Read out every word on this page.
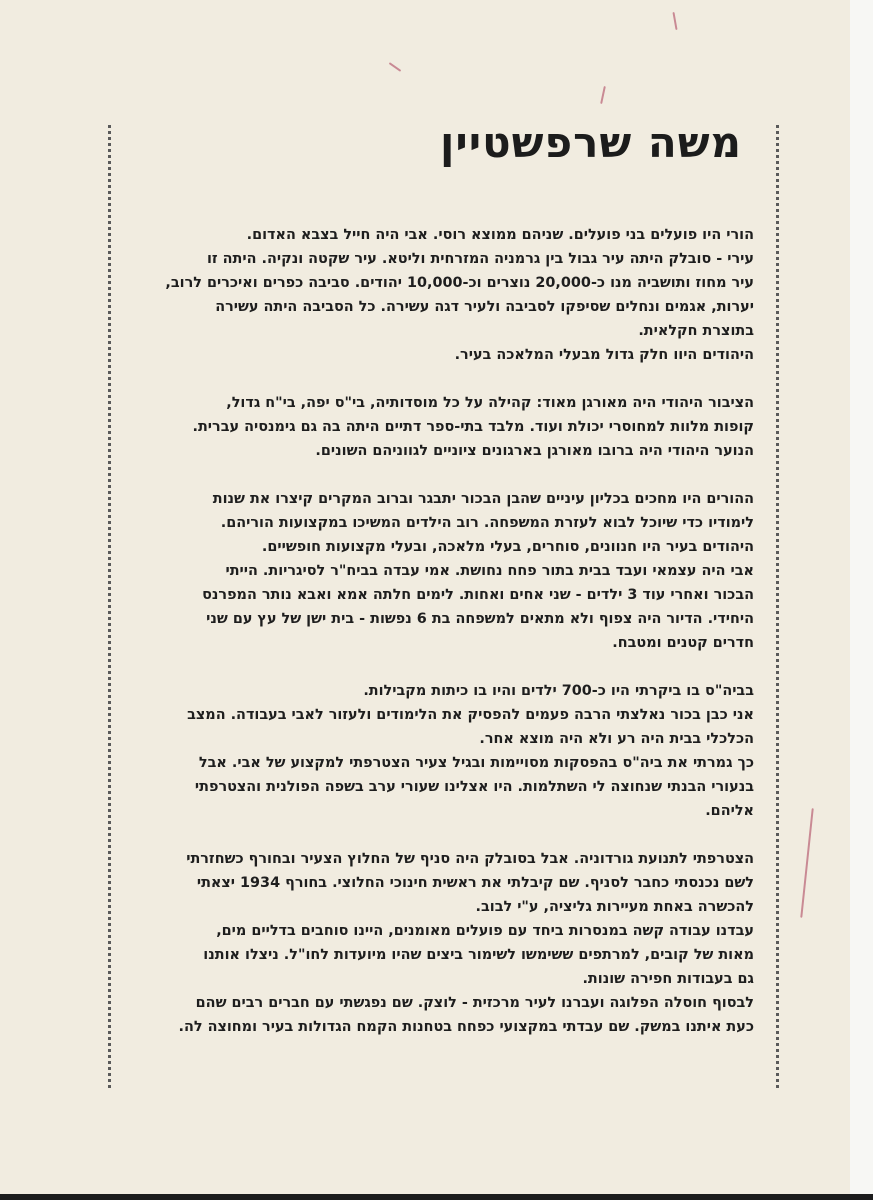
משה שרפשטיין

הורי היו פועלים בני פועלים. שניהם ממוצא רוסי. אבי היה חייל בצבא האדום.
עירי - סובלק היתה עיר גבול בין גרמניה המזרחית וליטא. עיר שקטה ונקיה. היתה זו
עיר מחוז ותושביה מנו כ-20,000 נוצרים וכ-10,000 יהודים. סביבה כפרים ואיכרים לרוב,
יערות, אגמים ונחלים שסיפקו לסביבה ולעיר דגה עשירה. כל הסביבה היתה עשירה
בתוצרת חקלאית.
היהודים היוו חלק גדול מבעלי המלאכה בעיר.

הציבור היהודי היה מאורגן מאוד: קהילה על כל מוסדותיה, בי"ס יפה, בי"ח גדול,
קופות מלוות למחוסרי יכולת ועוד. מלבד בתי-ספר דתיים היתה בה גם גימנסיה עברית.
הנוער היהודי היה ברובו מאורגן בארגונים ציוניים לגווניהם השונים.

ההורים היו מחכים בכליון עיניים שהבן הבכור יתבגר וברוב המקרים קיצרו את שנות
לימודיו כדי שיוכל לבוא לעזרת המשפחה. רוב הילדים המשיכו במקצועות הוריהם.
היהודים בעיר היו חנוונים, סוחרים, בעלי מלאכה, ובעלי מקצועות חופשיים.
אבי היה עצמאי ועבד בבית בתור פחח נחושת. אמי עבדה בביח"ר לסיגריות. הייתי
הבכור ואחרי עוד 3 ילדים - שני אחים ואחות. לימים חלתה אמא ואבא נותר המפרנס
היחידי. הדיור היה צפוף ולא מתאים למשפחה בת 6 נפשות - בית ישן של עץ עם שני
חדרים קטנים ומטבח.

בביה"ס בו ביקרתי היו כ-700 ילדים והיו בו כיתות מקבילות.
אני כבן בכור נאלצתי הרבה פעמים להפסיק את הלימודים ולעזור לאבי בעבודה. המצב
הכלכלי בבית היה רע ולא היה מוצא אחר.
כך גמרתי את ביה"ס בהפסקות מסויימות ובגיל צעיר הצטרפתי למקצוע של אבי. אבל
בנעורי הבנתי שנחוצה לי השתלמות. היו אצלינו שעורי ערב בשפה הפולנית והצטרפתי
אליהם.

הצטרפתי לתנועת גורדוניה. אבל בסובלק היה סניף של החלוץ הצעיר ובחורף כשחזרתי
לשם נכנסתי כחבר לסניף. שם קיבלתי את ראשית חינוכי החלוצי. בחורף 1934 יצאתי
להכשרה באחת מעיירות גליציה, ע"י לבוב.
עבדנו עבודה קשה במנסרות ביחד עם פועלים מאומנים, היינו סוחבים בדליים מים,
מאות של קובים, למרתפים ששימשו לשימור ביצים שהיו מיועדות לחו"ל. ניצלו אותנו
גם בעבודות חפירה שונות.
לבסוף חוסלה הפלוגה ועברנו לעיר מרכזית - לוצק. שם נפגשתי עם חברים רבים שהם
כעת איתנו במשק. שם עבדתי במקצועי כפחח בטחנות הקמח הגדולות בעיר ומחוצה לה.
